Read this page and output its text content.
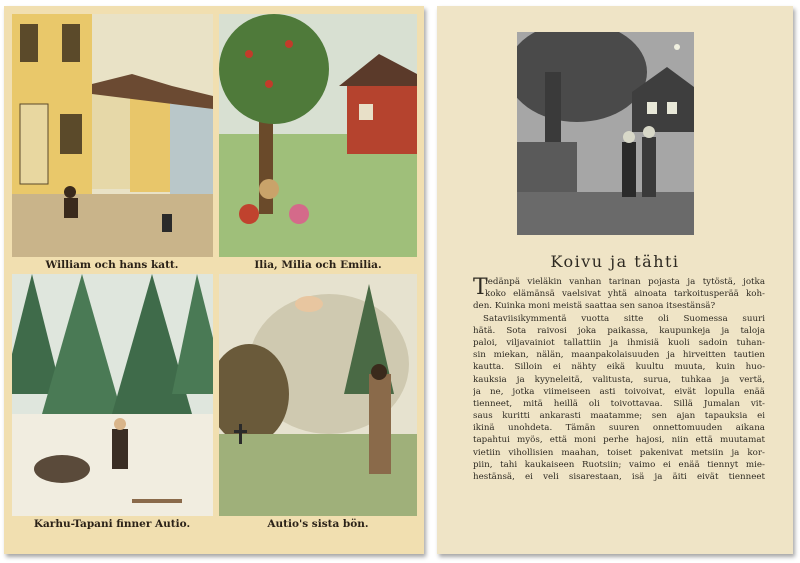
William och hans katt.	Ilia, Milia och Emilia.
Karhu-Tapani finner Autio.	Autio's sista bön.
Koivu ja tähti
T
iedänpä vieläkin vanhan tarinan pojasta ja tytöstä, jotka
koko elämänsä vaelsivat yhtä ainoata tarkoitusperää koh-
den. Kuinka moni meistä saattaa sen sanoa itsestänsä?
Sataviisikymmentä vuotta sitte oli Suomessa suuri
hätä. Sota raivosi joka paikassa, kaupunkeja ja taloja
paloi, viljavainiot tallattiin ja ihmisiä kuoli sadoin tuhan-
sin miekan, nälän, maanpakolaisuuden ja hirveitten tautien
kautta. Silloin ei nähty eikä kuultu muuta, kuin huo-
kauksia ja kyyneleitä, valitusta, surua, tuhkaa ja vertä,
ja ne, jotka viimeiseen asti toivoivat, eivät lopulla enää
tienneet, mitä heillä oli toivottavaa. Sillä Jumalan vit-
saus kuritti ankarasti maatamme; sen ajan tapauksia ei
ikinä unohdeta. Tämän suuren onnettomuuden aikana
tapahtui myös, että moni perhe hajosi, niin että muutamat
vietiin vihollisien maahan, toiset pakenivat metsiin ja kor-
piin, tahi kaukaiseen Ruotsiin; vaimo ei enää tiennyt mie-
hestänsä, ei veli sisarestaan, isä ja äiti eivät tienneet
